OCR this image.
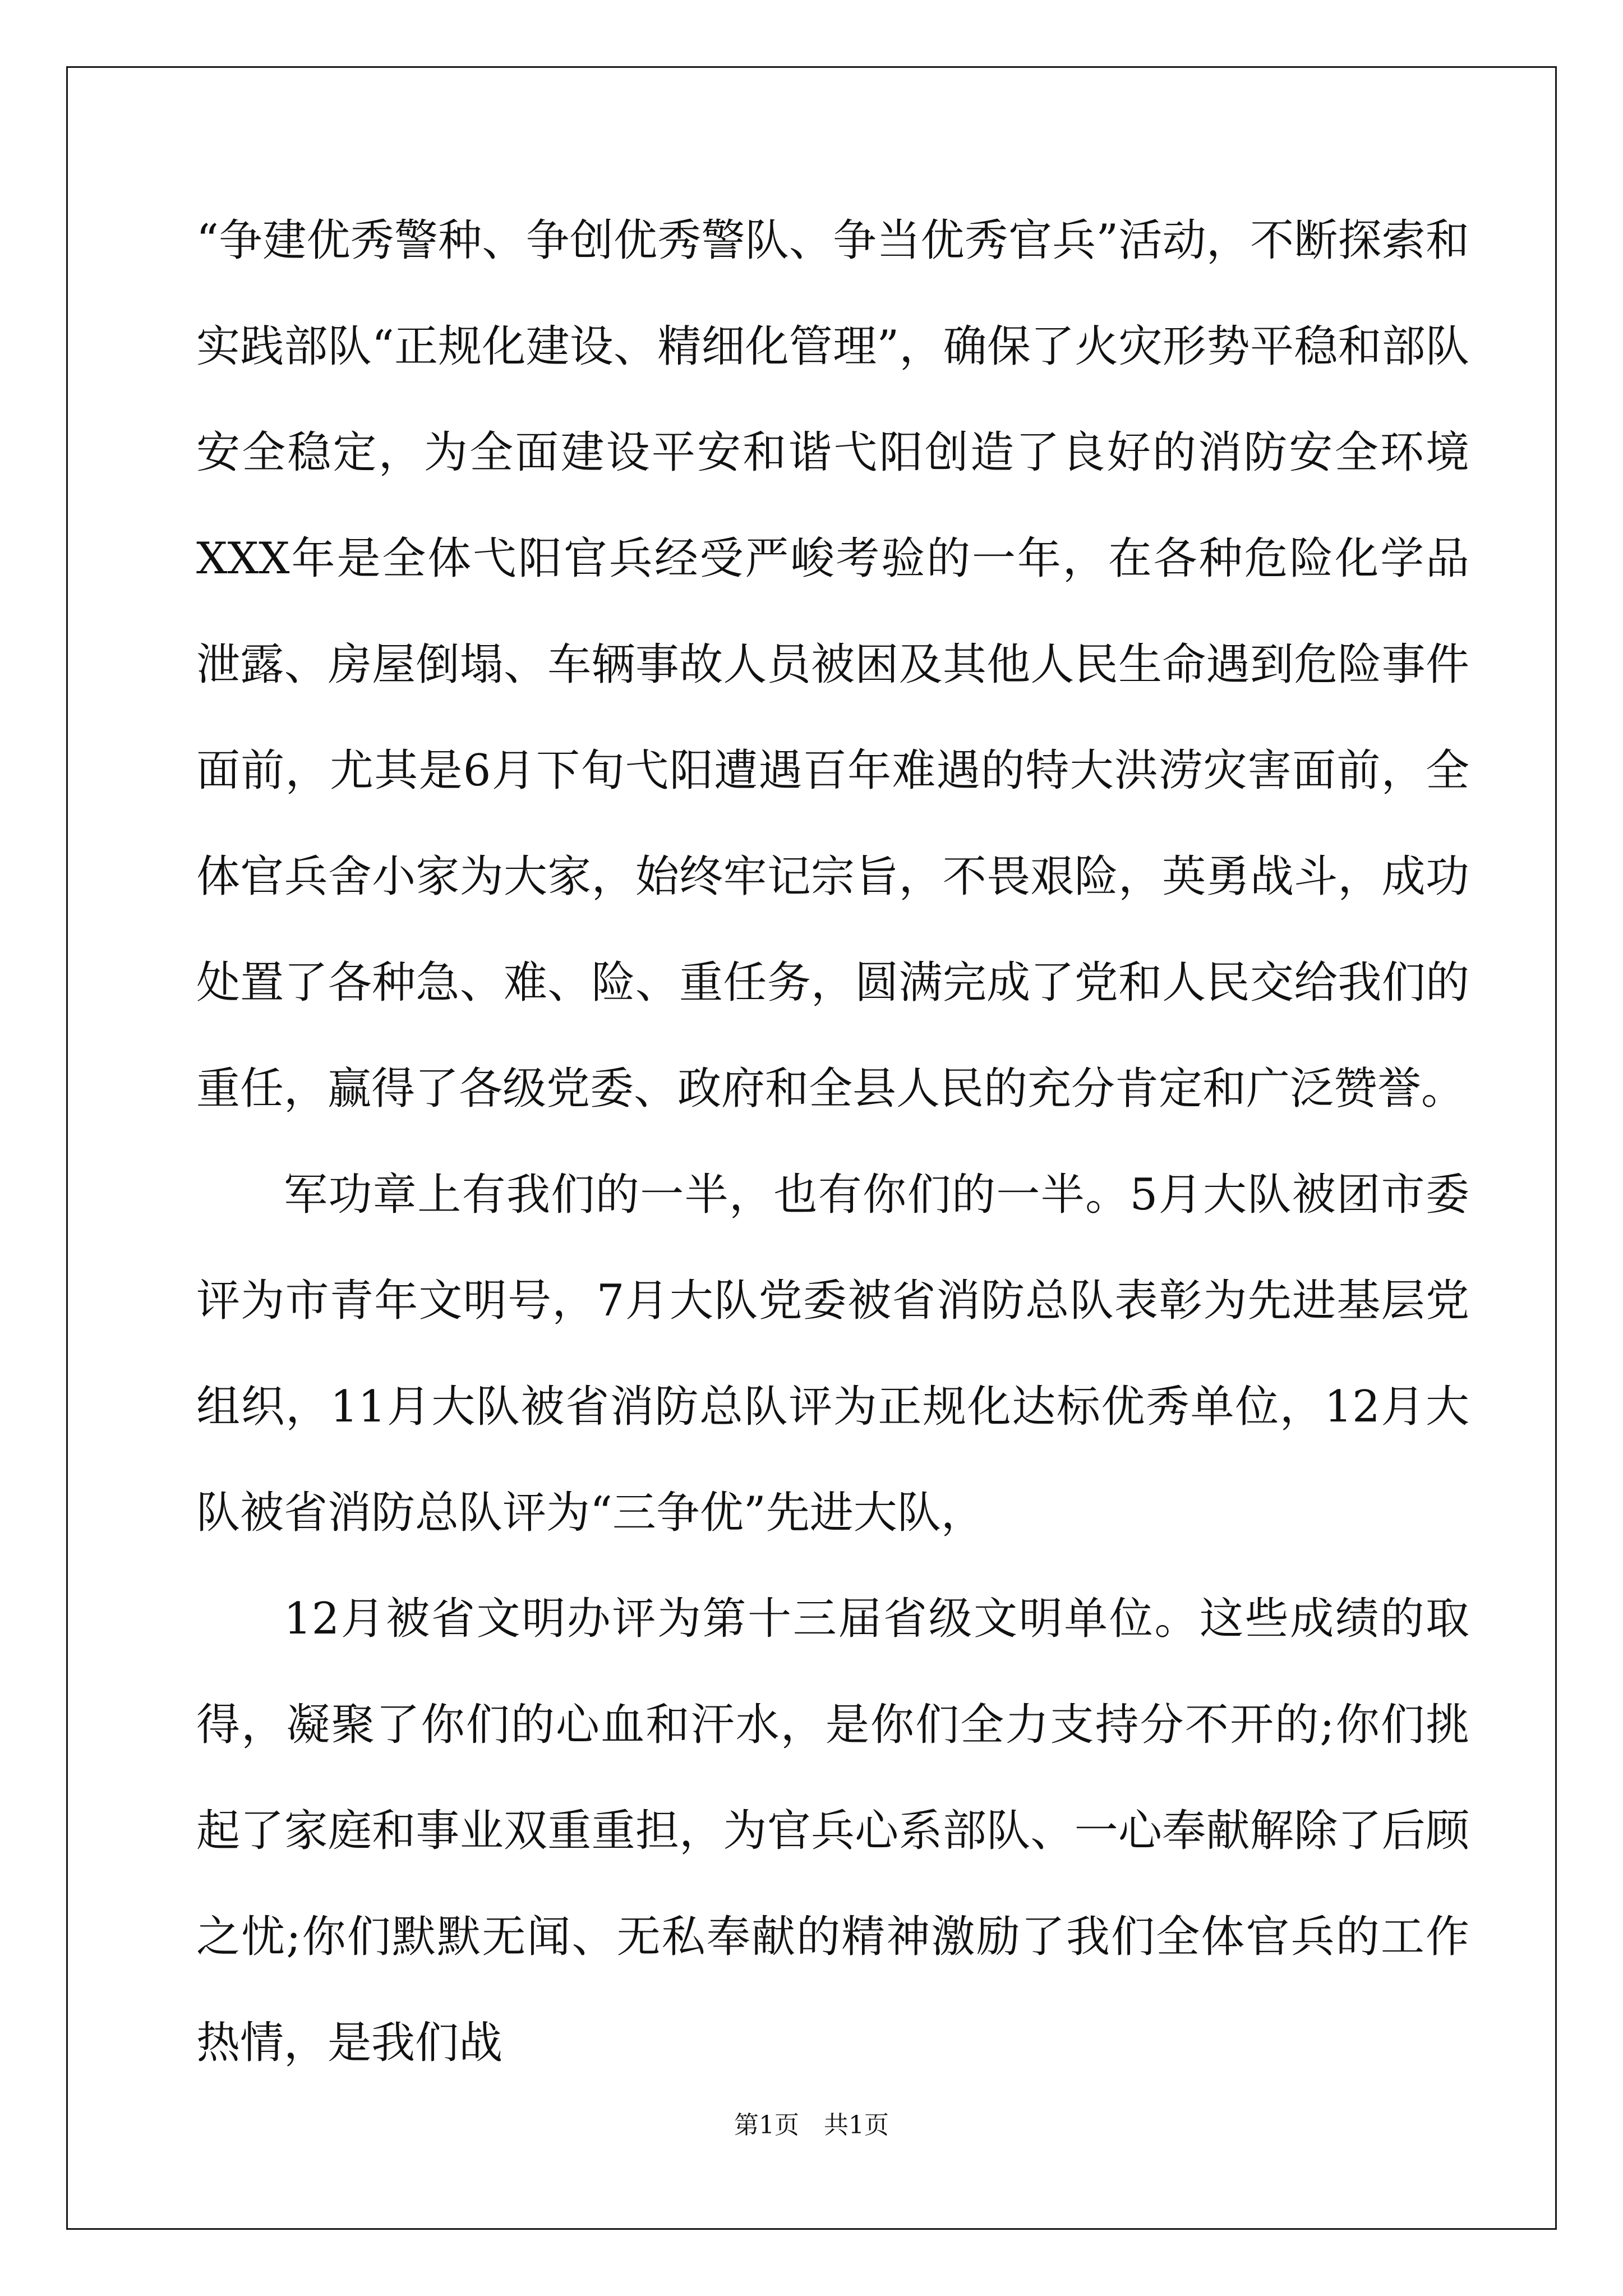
“争建优秀警种、争创优秀警队、争当优秀官兵”活动，不断探索和实践部队“正规化建设、精细化管理”，确保了火灾形势平稳和部队安全稳定，为全面建设平安和谐弋阳创造了良好的消防安全环境XXX年是全体弋阳官兵经受严峻考验的一年，在各种危险化学品泄露、房屋倒塌、车辆事故人员被困及其他人民生命遇到危险事件面前，尤其是6月下旬弋阳遭遇百年难遇的特大洪涝灾害面前，全体官兵舍小家为大家，始终牢记宗旨，不畏艰险，英勇战斗，成功处置了各种急、难、险、重任务，圆满完成了党和人民交给我们的重任，赢得了各级党委、政府和全县人民的充分肯定和广泛赞誉。

军功章上有我们的一半，也有你们的一半。5月大队被团市委评为市青年文明号，7月大队党委被省消防总队表彰为先进基层党组织，11月大队被省消防总队评为正规化达标优秀单位，12月大队被省消防总队评为“三争优”先进大队，

12月被省文明办评为第十三届省级文明单位。这些成绩的取得，凝聚了你们的心血和汗水，是你们全力支持分不开的;你们挑起了家庭和事业双重重担，为官兵心系部队、一心奉献解除了后顾之忧;你们默默无闻、无私奉献的精神激励了我们全体官兵的工作热情，是我们战

第1页　共1页
